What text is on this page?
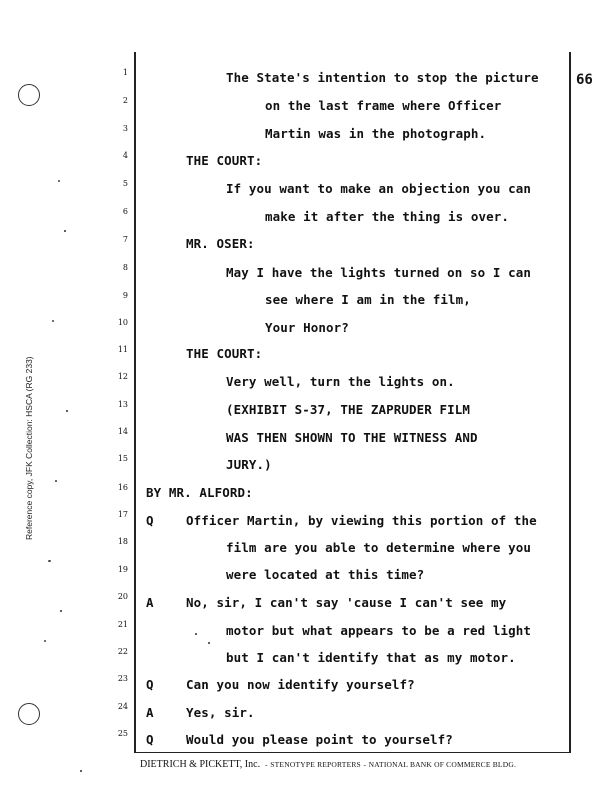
66
Reference copy, JFK Collection: HSCA (RG 233)
1	The State's intention to stop the picture
2	on the last frame where Officer
3	Martin was in the photograph.
4	THE COURT:
5	If you want to make an objection you can
6	make it after the thing is over.
7	MR. OSER:
8	May I have the lights turned on so I can
9	see where I am in the film,
10	Your Honor?
11	THE COURT:
12	Very well, turn the lights on.
13	(EXHIBIT S-37, THE ZAPRUDER FILM
14	WAS THEN SHOWN TO THE WITNESS AND
15	JURY.)
16 BY MR. ALFORD:
17 Q	Officer Martin, by viewing this portion of the
18	film are you able to determine where you
19	were located at this time?
20 A	No, sir, I can't say 'cause I can't see my
21	motor but what appears to be a red light
22	but I can't identify that as my motor.
23 Q	Can you now identify yourself?
24 A	Yes, sir.
25 Q	Would you please point to yourself?
DIETRICH & PICKETT, Inc. - STENOTYPE REPORTERS - NATIONAL BANK OF COMMERCE BLDG.
